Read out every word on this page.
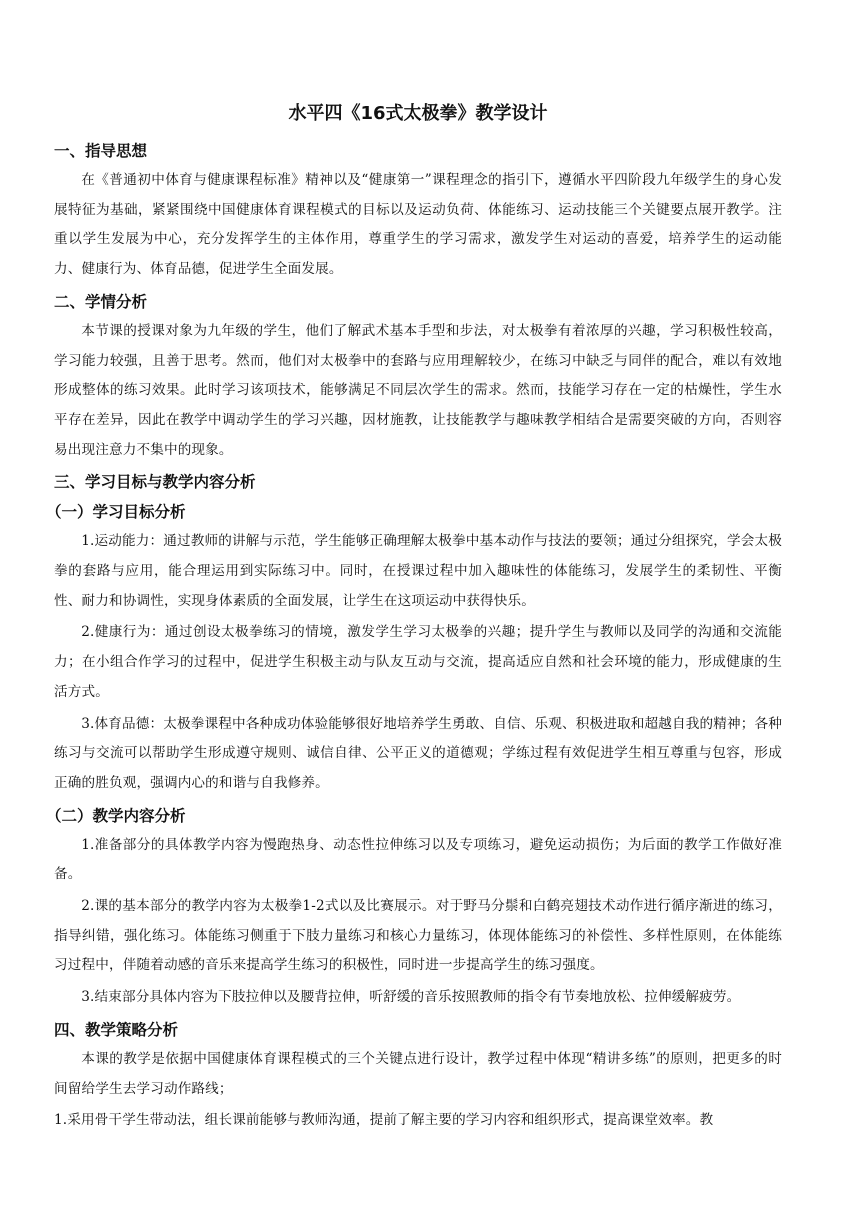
水平四《16式太极拳》教学设计
一、指导思想

在《普通初中体育与健康课程标准》精神以及“健康第一”课程理念的指引下，遵循水平四阶段九年级学生的身心发展特征为基础，紧紧围绕中国健康体育课程模式的目标以及运动负荷、体能练习、运动技能三个关键要点展开教学。注重以学生发展为中心，充分发挥学生的主体作用，尊重学生的学习需求，激发学生对运动的喜爱，培养学生的运动能力、健康行为、体育品德，促进学生全面发展。

二、学情分析

本节课的授课对象为九年级的学生，他们了解武术基本手型和步法，对太极拳有着浓厚的兴趣，学习积极性较高，学习能力较强，且善于思考。然而，他们对太极拳中的套路与应用理解较少，在练习中缺乏与同伴的配合，难以有效地形成整体的练习效果。此时学习该项技术，能够满足不同层次学生的需求。然而，技能学习存在一定的枯燥性，学生水平存在差异，因此在教学中调动学生的学习兴趣，因材施教，让技能教学与趣味教学相结合是需要突破的方向，否则容易出现注意力不集中的现象。

三、学习目标与教学内容分析
（一）学习目标分析

1.运动能力：通过教师的讲解与示范，学生能够正确理解太极拳中基本动作与技法的要领；通过分组探究，学会太极拳的套路与应用，能合理运用到实际练习中。同时，在授课过程中加入趣味性的体能练习，发展学生的柔韧性、平衡性、耐力和协调性，实现身体素质的全面发展，让学生在这项运动中获得快乐。

2.健康行为：通过创设太极拳练习的情境，激发学生学习太极拳的兴趣；提升学生与教师以及同学的沟通和交流能力；在小组合作学习的过程中，促进学生积极主动与队友互动与交流，提高适应自然和社会环境的能力，形成健康的生活方式。

3.体育品德：太极拳课程中各种成功体验能够很好地培养学生勇敢、自信、乐观、积极进取和超越自我的精神；各种练习与交流可以帮助学生形成遵守规则、诚信自律、公平正义的道德观；学练过程有效促进学生相互尊重与包容，形成正确的胜负观，强调内心的和谐与自我修养。

（二）教学内容分析

1.准备部分的具体教学内容为慢跑热身、动态性拉伸练习以及专项练习，避免运动损伤；为后面的教学工作做好准备。

2.课的基本部分的教学内容为太极拳1-2式以及比赛展示。对于野马分鬃和白鹤亮翅技术动作进行循序渐进的练习，指导纠错，强化练习。体能练习侧重于下肢力量练习和核心力量练习，体现体能练习的补偿性、多样性原则，在体能练习过程中，伴随着动感的音乐来提高学生练习的积极性，同时进一步提高学生的练习强度。

3.结束部分具体内容为下肢拉伸以及腰背拉伸，听舒缓的音乐按照教师的指令有节奏地放松、拉伸缓解疲劳。

四、教学策略分析

本课的教学是依据中国健康体育课程模式的三个关键点进行设计，教学过程中体现“精讲多练”的原则，把更多的时间留给学生去学习动作路线；

1.采用骨干学生带动法，组长课前能够与教师沟通，提前了解主要的学习内容和组织形式，提高课堂效率。教
